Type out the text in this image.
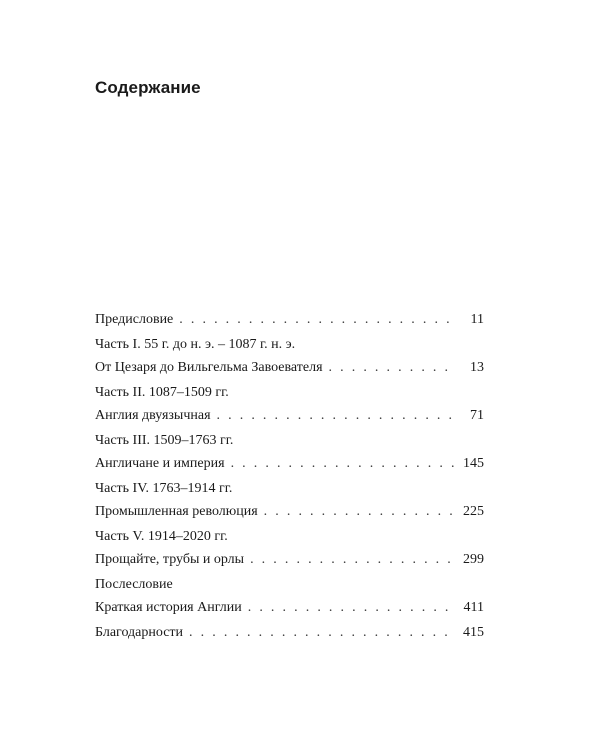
Содержание
Предисловие . . .	11
Часть I. 55 г. до н. э. – 1087 г. н. э.
От Цезаря до Вильгельма Завоевателя . . .	13
Часть II. 1087–1509 гг.
Англия двуязычная . . .	71
Часть III. 1509–1763 гг.
Англичане и империя . . .	145
Часть IV. 1763–1914 гг.
Промышленная революция . . .	225
Часть V. 1914–2020 гг.
Прощайте, трубы и орлы . . .	299
Послесловие
Краткая история Англии . . .	411
Благодарности . . .	415
